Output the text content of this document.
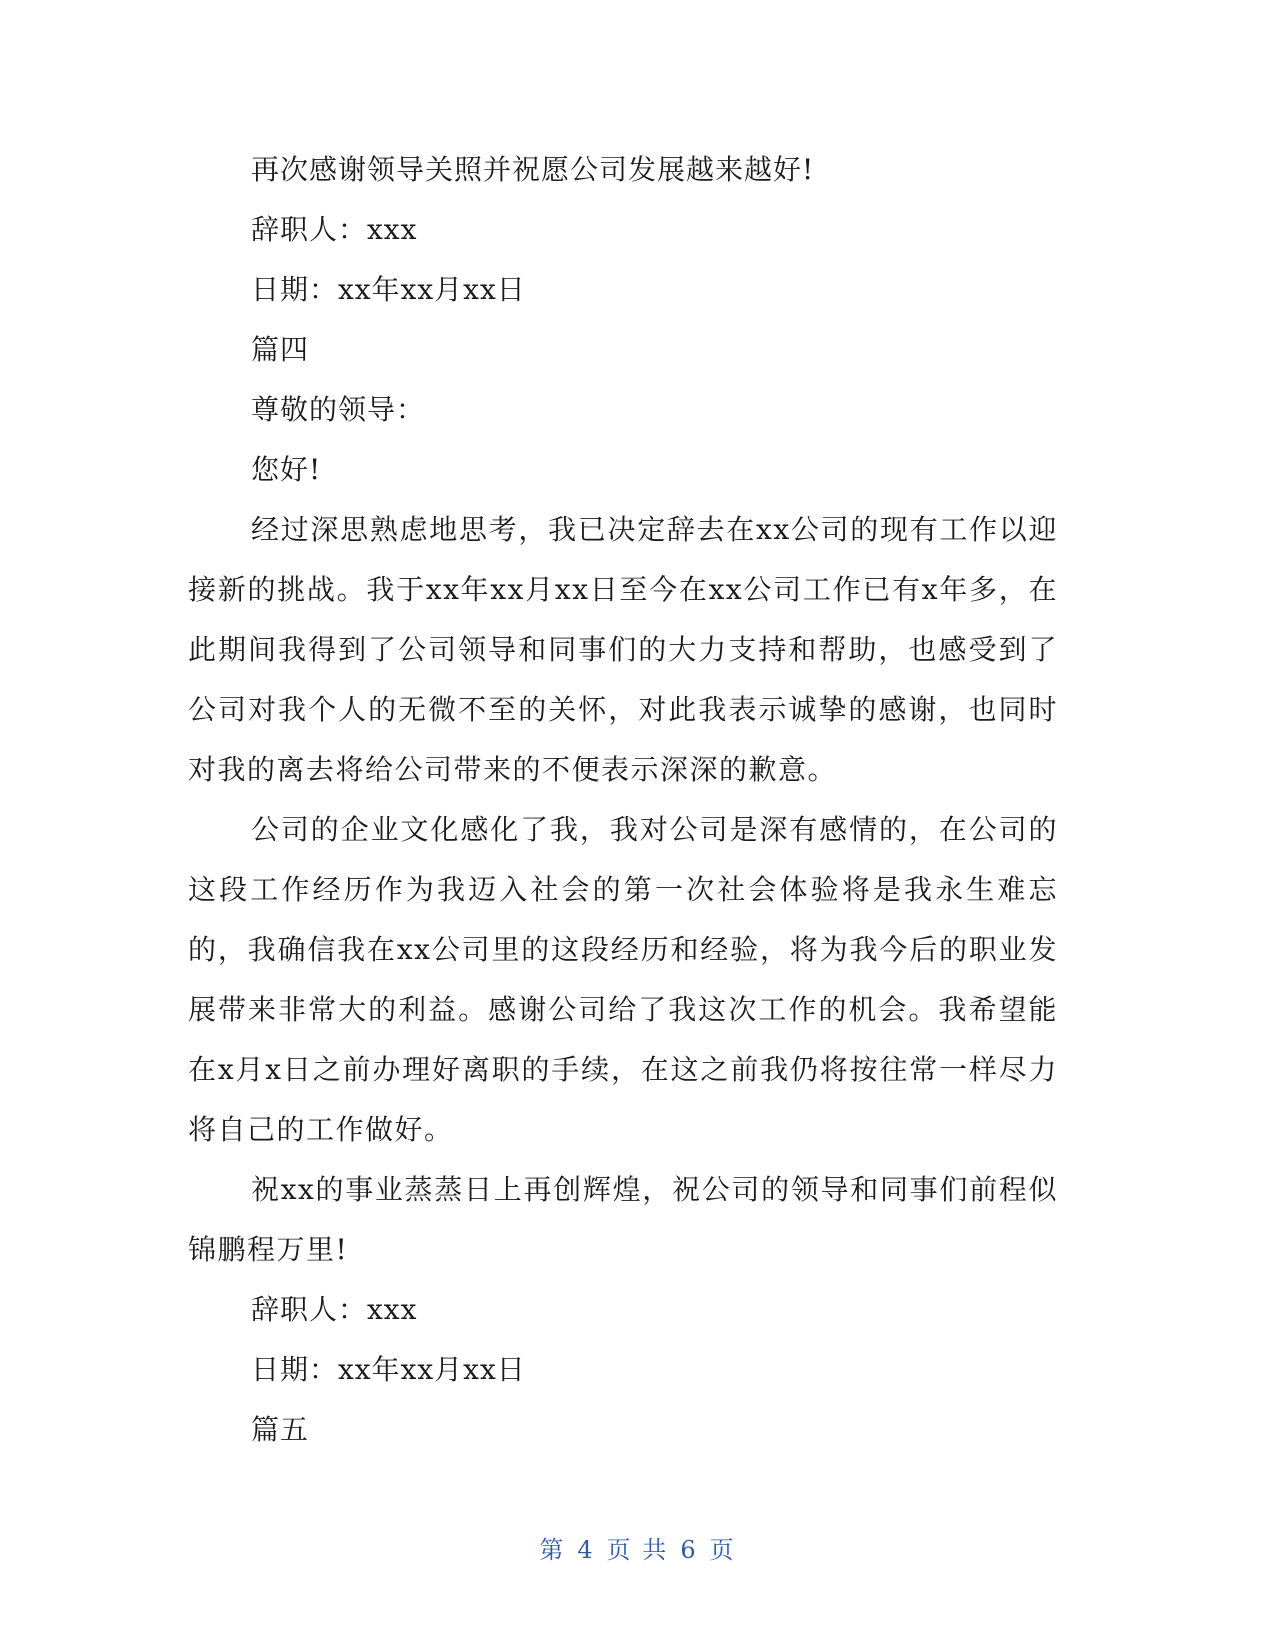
再次感谢领导关照并祝愿公司发展越来越好!
辞职人：xxx
日期：xx年xx月xx日
篇四
尊敬的领导：
您好!

经过深思熟虑地思考，我已决定辞去在xx公司的现有工作以迎接新的挑战。我于xx年xx月xx日至今在xx公司工作已有x年多，在此期间我得到了公司领导和同事们的大力支持和帮助，也感受到了公司对我个人的无微不至的关怀，对此我表示诚挚的感谢，也同时对我的离去将给公司带来的不便表示深深的歉意。

公司的企业文化感化了我，我对公司是深有感情的，在公司的这段工作经历作为我迈入社会的第一次社会体验将是我永生难忘的，我确信我在xx公司里的这段经历和经验，将为我今后的职业发展带来非常大的利益。感谢公司给了我这次工作的机会。我希望能在x月x日之前办理好离职的手续，在这之前我仍将按往常一样尽力将自己的工作做好。

祝xx的事业蒸蒸日上再创辉煌，祝公司的领导和同事们前程似锦鹏程万里!

辞职人：xxx
日期：xx年xx月xx日
篇五
第 4 页 共 6 页
